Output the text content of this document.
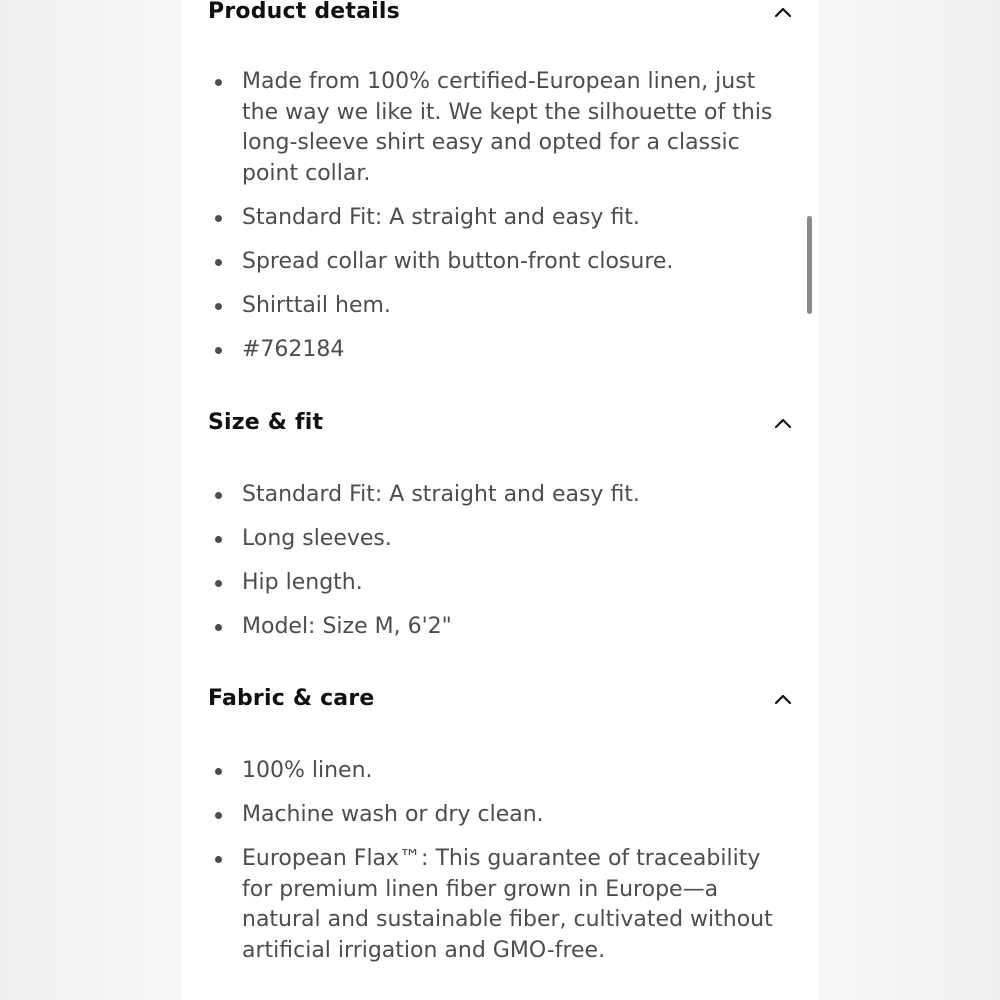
Product details
Made from 100% certified-European linen, just the way we like it. We kept the silhouette of this long-sleeve shirt easy and opted for a classic point collar.
Standard Fit: A straight and easy fit.
Spread collar with button-front closure.
Shirttail hem.
#762184
Size & fit
Standard Fit: A straight and easy fit.
Long sleeves.
Hip length.
Model: Size M, 6'2"
Fabric & care
100% linen.
Machine wash or dry clean.
European Flax™: This guarantee of traceability for premium linen fiber grown in Europe—a natural and sustainable fiber, cultivated without artificial irrigation and GMO-free.
